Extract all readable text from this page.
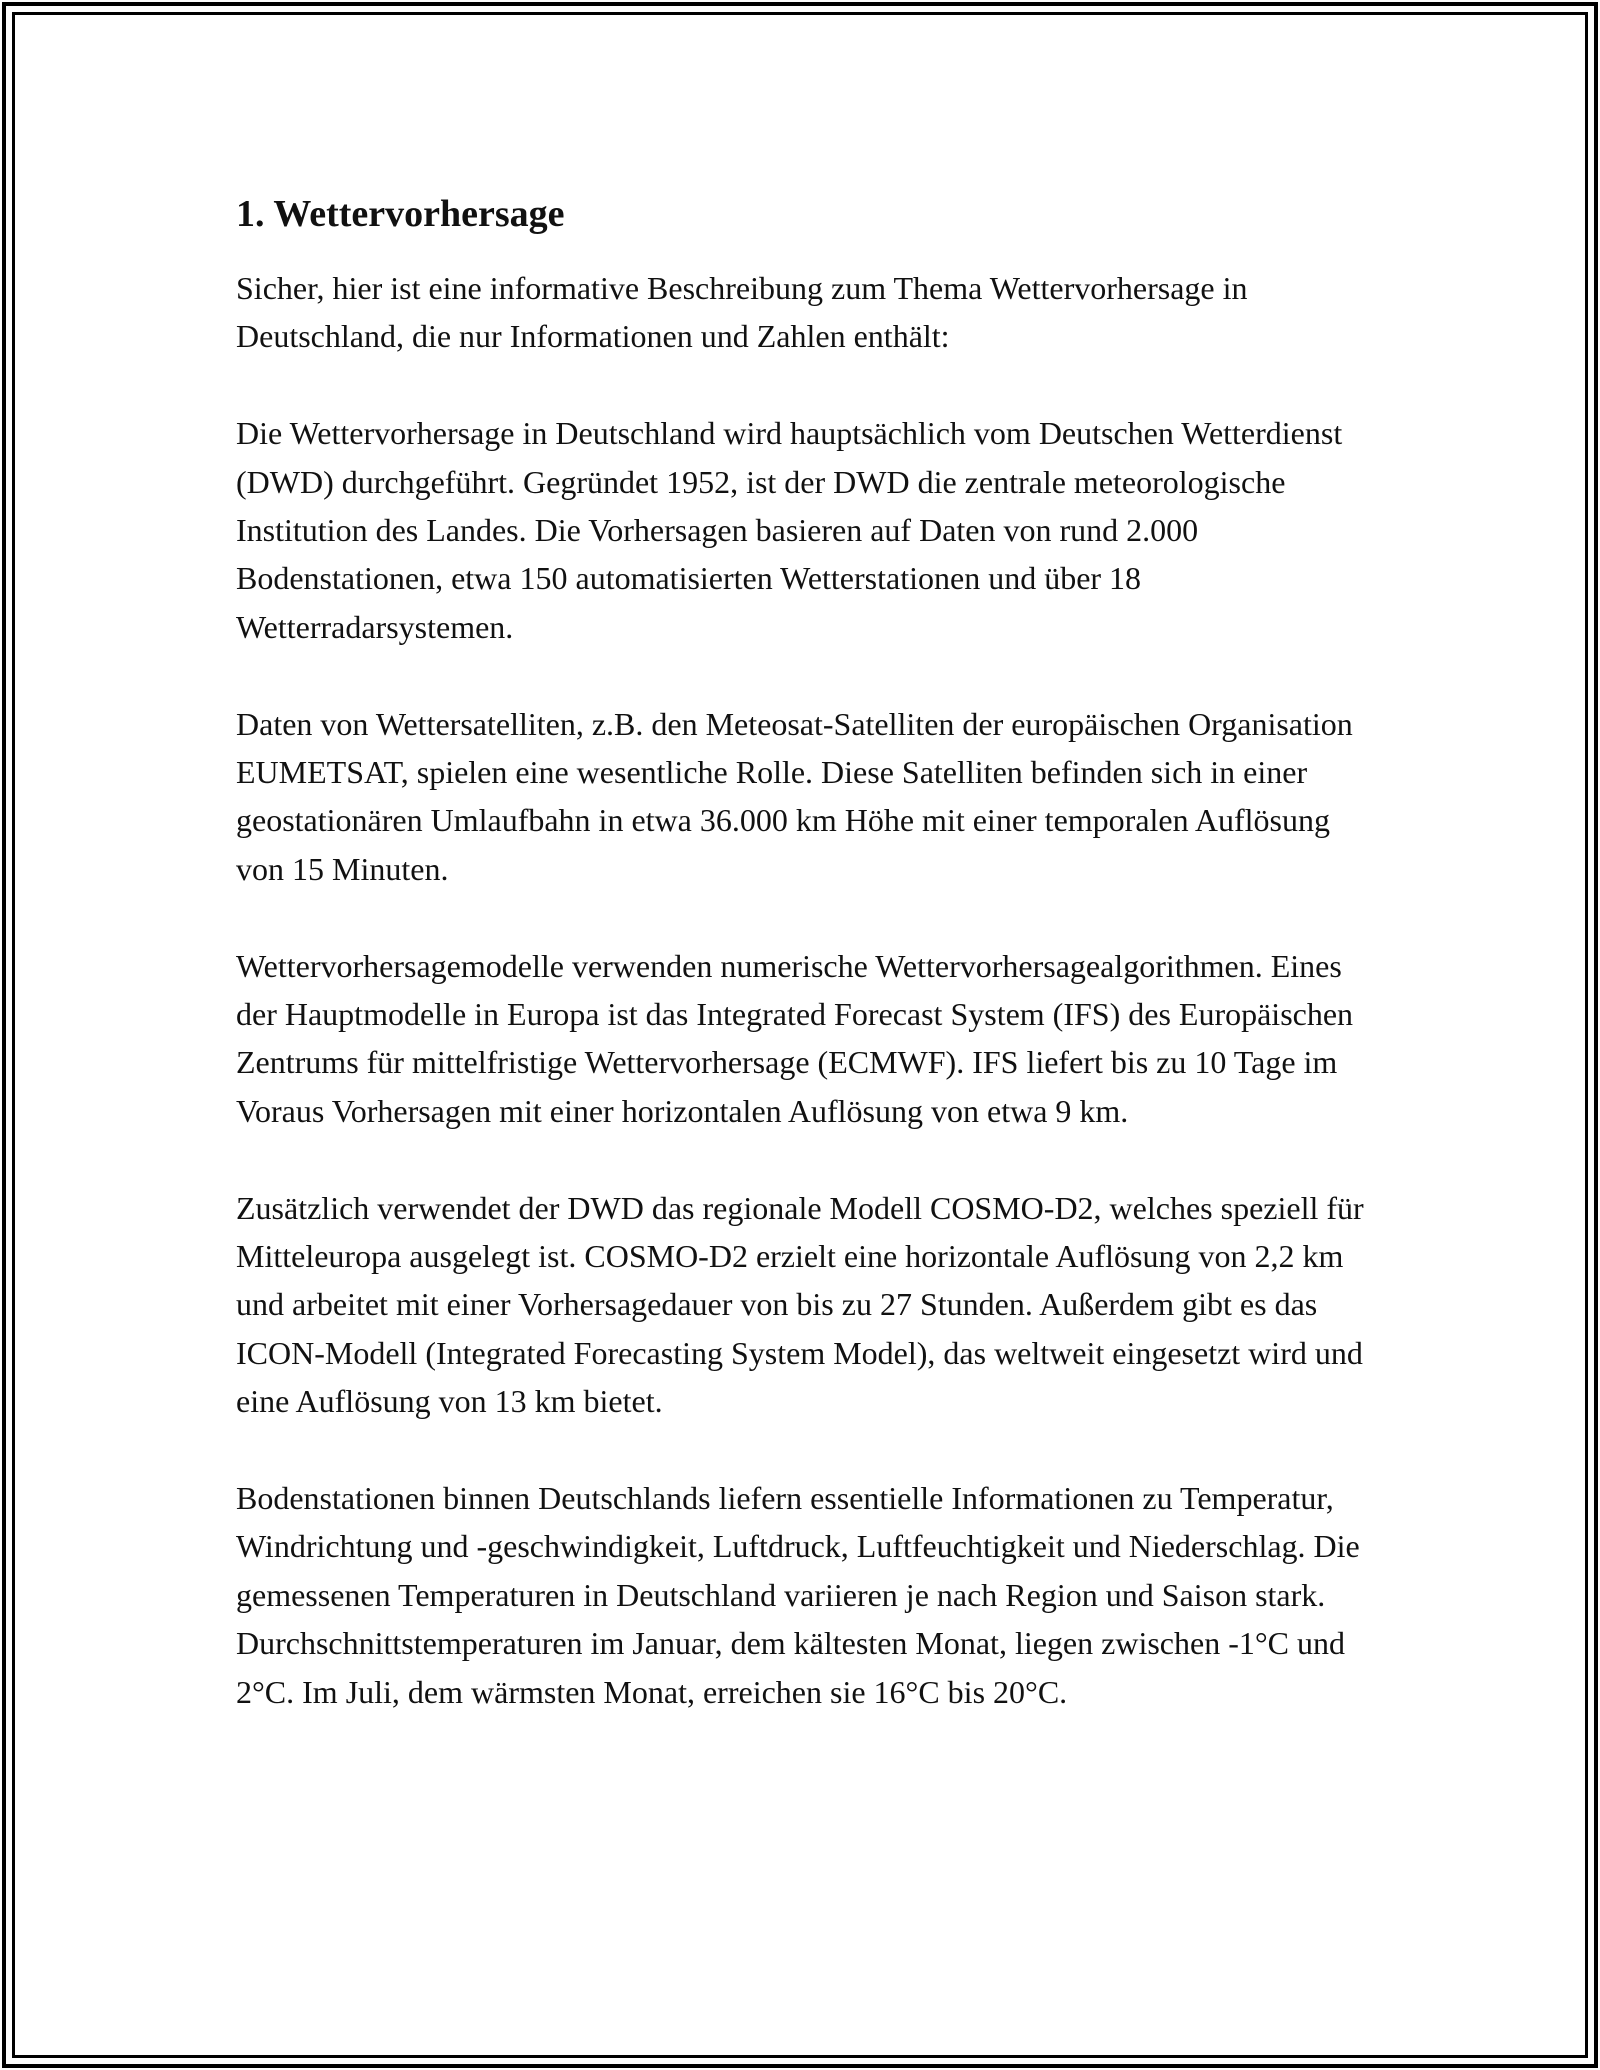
1. Wettervorhersage

Sicher, hier ist eine informative Beschreibung zum Thema Wettervorhersage in Deutschland, die nur Informationen und Zahlen enthält:

Die Wettervorhersage in Deutschland wird hauptsächlich vom Deutschen Wetterdienst (DWD) durchgeführt. Gegründet 1952, ist der DWD die zentrale meteorologische Institution des Landes. Die Vorhersagen basieren auf Daten von rund 2.000 Bodenstationen, etwa 150 automatisierten Wetterstationen und über 18 Wetterradarsystemen.

Daten von Wettersatelliten, z.B. den Meteosat-Satelliten der europäischen Organisation EUMETSAT, spielen eine wesentliche Rolle. Diese Satelliten befinden sich in einer geostationären Umlaufbahn in etwa 36.000 km Höhe mit einer temporalen Auflösung von 15 Minuten.

Wettervorhersagemodelle verwenden numerische Wettervorhersagealgorithmen. Eines der Hauptmodelle in Europa ist das Integrated Forecast System (IFS) des Europäischen Zentrums für mittelfristige Wettervorhersage (ECMWF). IFS liefert bis zu 10 Tage im Voraus Vorhersagen mit einer horizontalen Auflösung von etwa 9 km.

Zusätzlich verwendet der DWD das regionale Modell COSMO-D2, welches speziell für Mitteleuropa ausgelegt ist. COSMO-D2 erzielt eine horizontale Auflösung von 2,2 km und arbeitet mit einer Vorhersagedauer von bis zu 27 Stunden. Außerdem gibt es das ICON-Modell (Integrated Forecasting System Model), das weltweit eingesetzt wird und eine Auflösung von 13 km bietet.

Bodenstationen binnen Deutschlands liefern essentielle Informationen zu Temperatur, Windrichtung und -geschwindigkeit, Luftdruck, Luftfeuchtigkeit und Niederschlag. Die gemessenen Temperaturen in Deutschland variieren je nach Region und Saison stark. Durchschnittstemperaturen im Januar, dem kältesten Monat, liegen zwischen -1°C und 2°C. Im Juli, dem wärmsten Monat, erreichen sie 16°C bis 20°C.
